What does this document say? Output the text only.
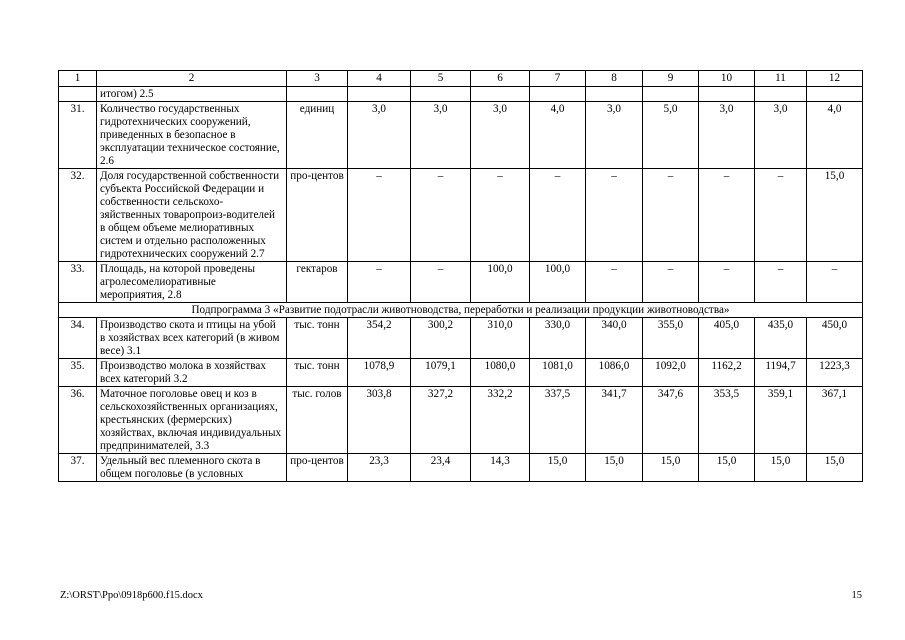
1	2	3	4	5	6	7	8	9	10	11	12
	итогом) 2.5										
31.	Количество государственных гидротехнических сооружений, приведенных в безопасное в эксплуатации техническое состояние, 2.6	единиц	3,0	3,0	3,0	4,0	3,0	5,0	3,0	3,0	4,0
32.	Доля государственной собственности субъекта Российской Федерации и собственности сельскохо-зяйственных товаропроиз-водителей в общем объеме мелиоративных систем и отдельно расположенных гидротехнических сооружений 2.7	про-центов	–	–	–	–	–	–	–	–	15,0
33.	Площадь, на которой проведены агролесомелиоративные мероприятия, 2.8	гектаров	–	–	100,0	100,0	–	–	–	–	–
Подпрограмма 3 «Развитие подотрасли животноводства, переработки и реализации продукции животноводства»											
34.	Производство скота и птицы на убой в хозяйствах всех категорий (в живом весе) 3.1	тыс. тонн	354,2	300,2	310,0	330,0	340,0	355,0	405,0	435,0	450,0
35.	Производство молока в хозяйствах всех категорий 3.2	тыс. тонн	1078,9	1079,1	1080,0	1081,0	1086,0	1092,0	1162,2	1194,7	1223,3
36.	Маточное поголовье овец и коз в сельскохозяйственных организациях, крестьянских (фермерских) хозяйствах, включая индивидуальных предпринимателей, 3.3	тыс. голов	303,8	327,2	332,2	337,5	341,7	347,6	353,5	359,1	367,1
37.	Удельный вес племенного скота в общем поголовье (в условных	про-центов	23,3	23,4	14,3	15,0	15,0	15,0	15,0	15,0	15,0
Z:\ORST\Ppo\0918p600.f15.docx	15
